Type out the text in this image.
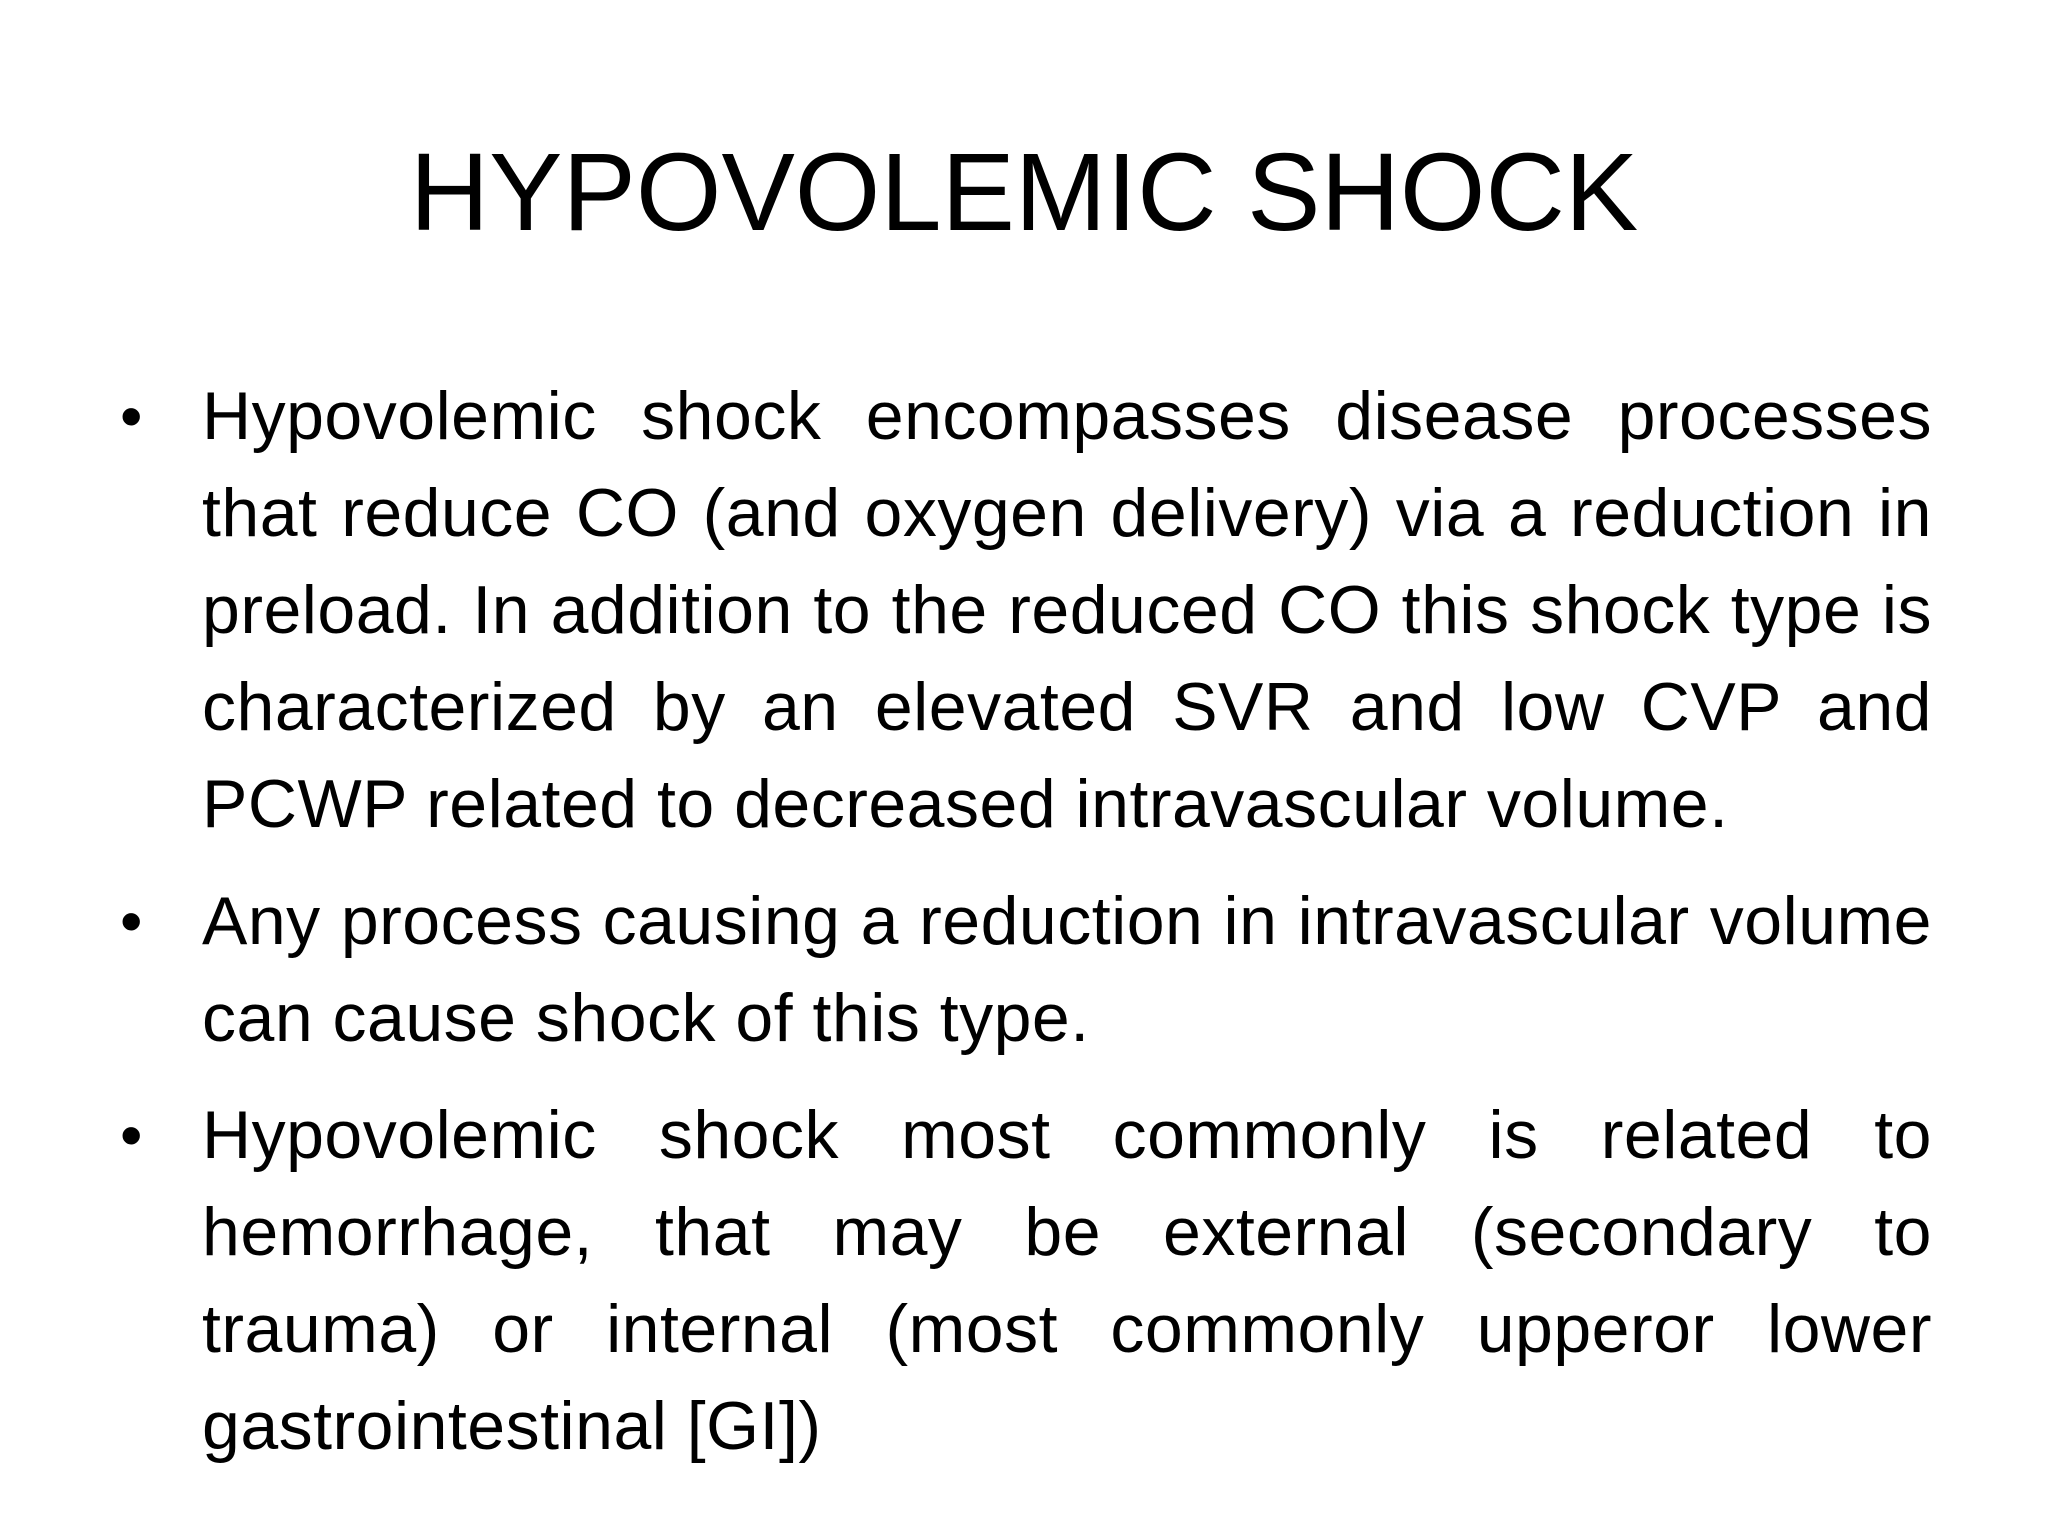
HYPOVOLEMIC SHOCK
• Hypovolemic shock encompasses disease processes that reduce CO (and oxygen delivery) via a reduction in preload. In addition to the reduced CO this shock type is characterized by an elevated SVR and low CVP and PCWP related to decreased intravascular volume.
• Any process causing a reduction in intravascular volume can cause shock of this type.
• Hypovolemic shock most commonly is related to hemorrhage, that may be external (secondary to trauma) or internal (most commonly upperor lower gastrointestinal [GI])
